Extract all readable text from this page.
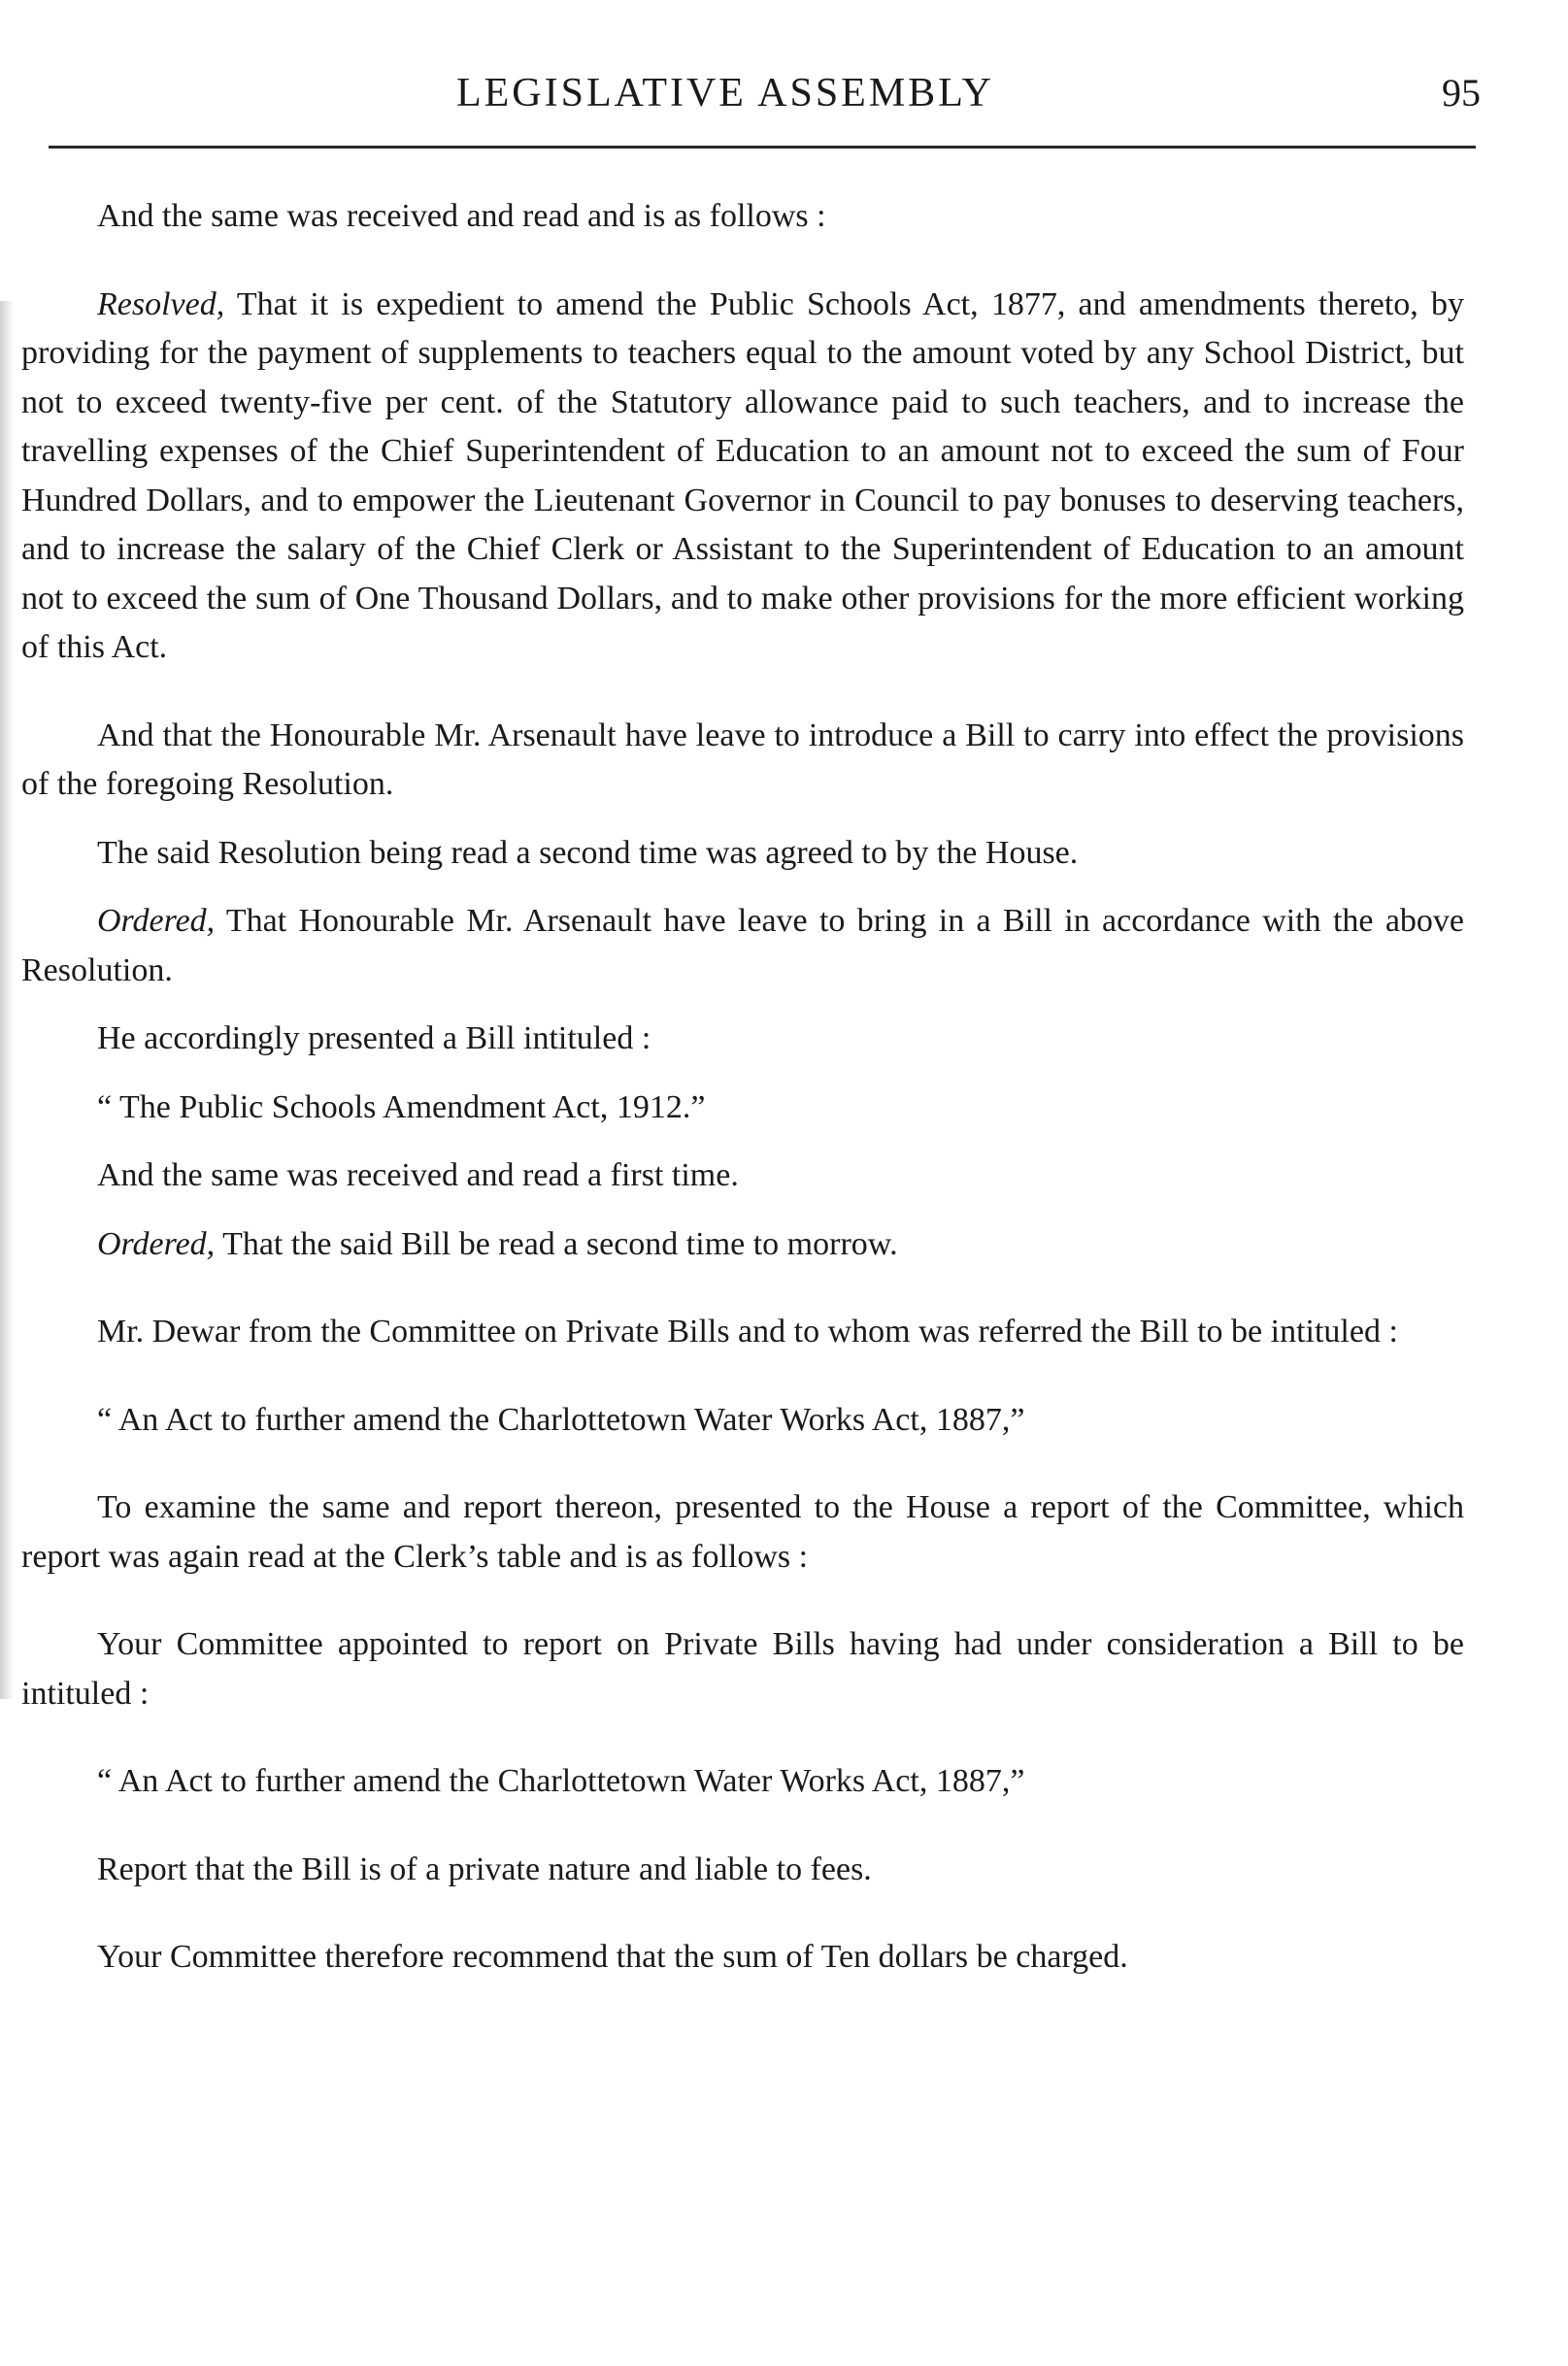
LEGISLATIVE ASSEMBLY	95

And the same was received and read and is as follows :

Resolved, That it is expedient to amend the Public Schools Act, 1877, and amendments thereto, by providing for the payment of supplements to teachers equal to the amount voted by any School District, but not to exceed twenty-five per cent. of the Statutory allowance paid to such teachers, and to increase the travelling expenses of the Chief Superintendent of Education to an amount not to exceed the sum of Four Hundred Dollars, and to empower the Lieutenant Governor in Council to pay bonuses to deserving teachers, and to increase the salary of the Chief Clerk or Assistant to the Superintendent of Education to an amount not to exceed the sum of One Thousand Dollars, and to make other provisions for the more efficient working of this Act.

And that the Honourable Mr. Arsenault have leave to introduce a Bill to carry into effect the provisions of the foregoing Resolution.

The said Resolution being read a second time was agreed to by the House.

Ordered, That Honourable Mr. Arsenault have leave to bring in a Bill in accordance with the above Resolution.

He accordingly presented a Bill intituled :

“ The Public Schools Amendment Act, 1912.”

And the same was received and read a first time.

Ordered, That the said Bill be read a second time to morrow.

Mr. Dewar from the Committee on Private Bills and to whom was referred the Bill to be intituled :

“ An Act to further amend the Charlottetown Water Works Act, 1887,”

To examine the same and report thereon, presented to the House a report of the Committee, which report was again read at the Clerk’s table and is as follows :

Your Committee appointed to report on Private Bills having had under consideration a Bill to be intituled :

“ An Act to further amend the Charlottetown Water Works Act, 1887,”

Report that the Bill is of a private nature and liable to fees.

Your Committee therefore recommend that the sum of Ten dollars be charged.
